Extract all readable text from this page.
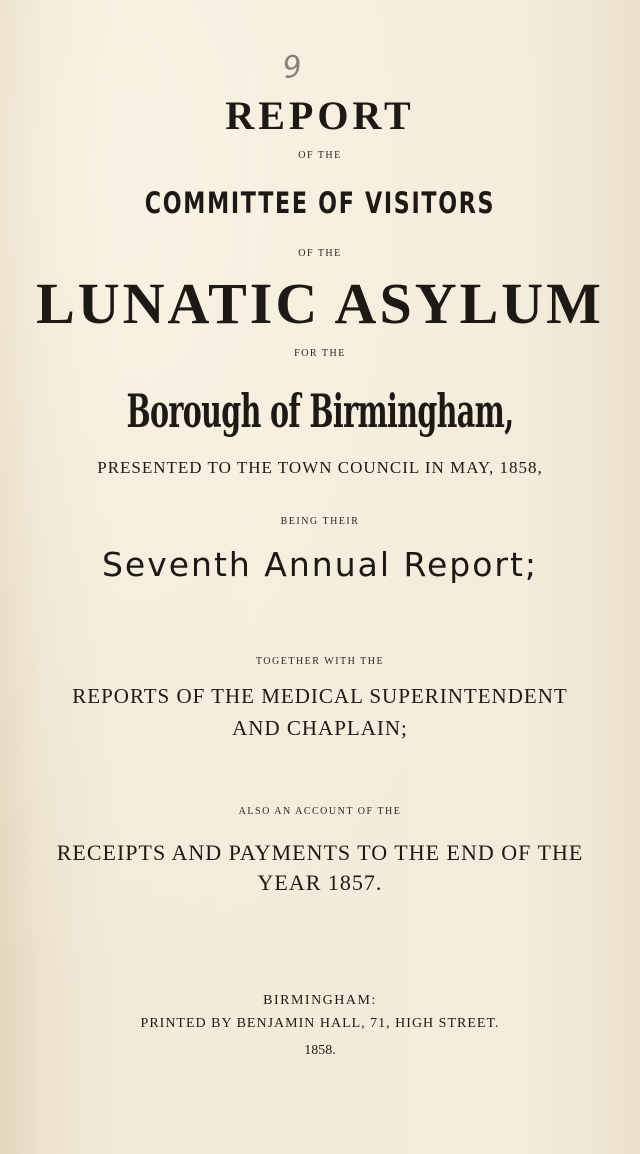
9
REPORT
OF THE
COMMITTEE OF VISITORS
OF THE
LUNATIC ASYLUM
FOR THE
Borough of Birmingham,
PRESENTED TO THE TOWN COUNCIL IN MAY, 1858,
BEING THEIR
Seventh Annual Report;
TOGETHER WITH THE
REPORTS OF THE MEDICAL SUPERINTENDENT
AND CHAPLAIN;
ALSO AN ACCOUNT OF THE
RECEIPTS AND PAYMENTS TO THE END OF THE
YEAR 1857.
BIRMINGHAM:
PRINTED BY BENJAMIN HALL, 71, HIGH STREET.
1858.
